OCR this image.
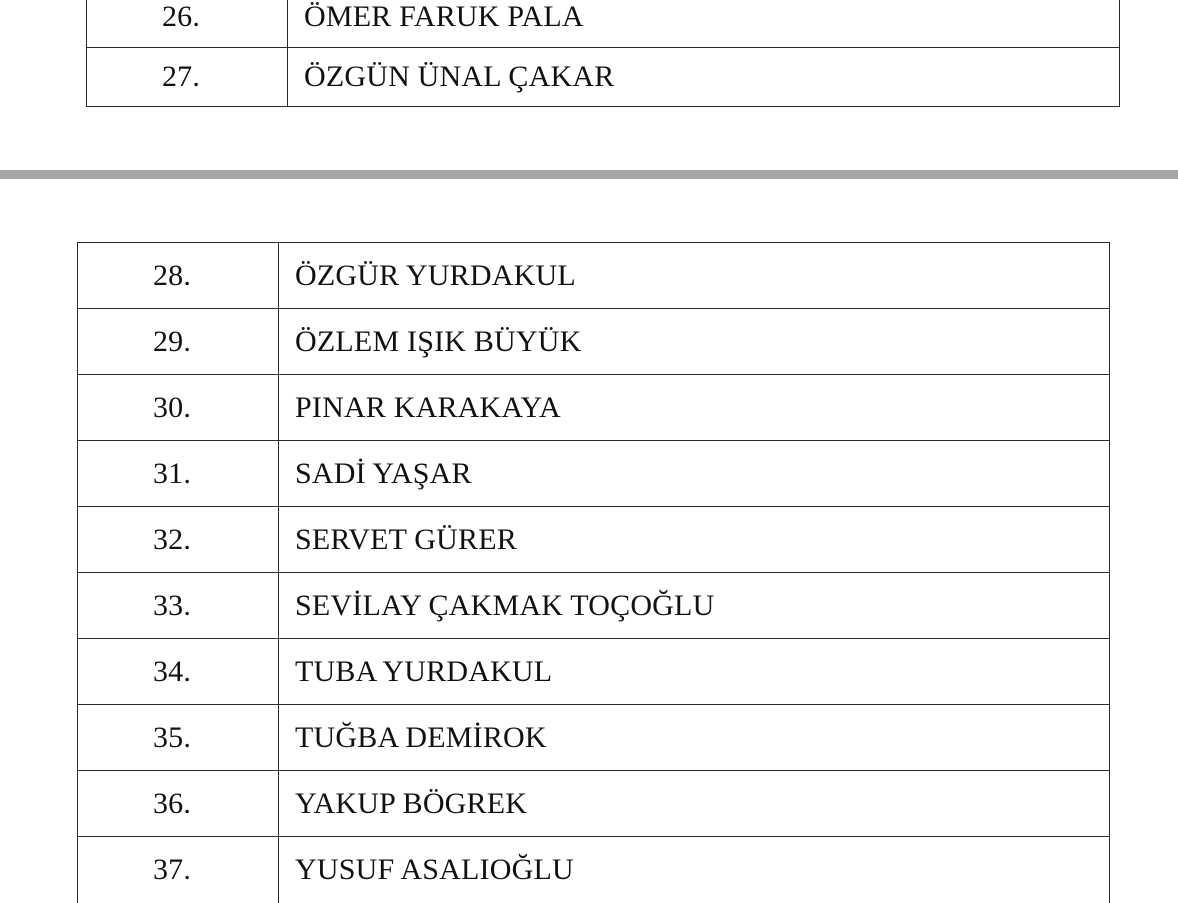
26.	ÖMER FARUK PALA
27.	ÖZGÜN ÜNAL ÇAKAR
28.	ÖZGÜR YURDAKUL
29.	ÖZLEM IŞIK BÜYÜK
30.	PINAR KARAKAYA
31.	SADİ YAŞAR
32.	SERVET GÜRER
33.	SEVİLAY ÇAKMAK TOÇOĞLU
34.	TUBA YURDAKUL
35.	TUĞBA DEMİROK
36.	YAKUP BÖGREK
37.	YUSUF ASALIOĞLU
